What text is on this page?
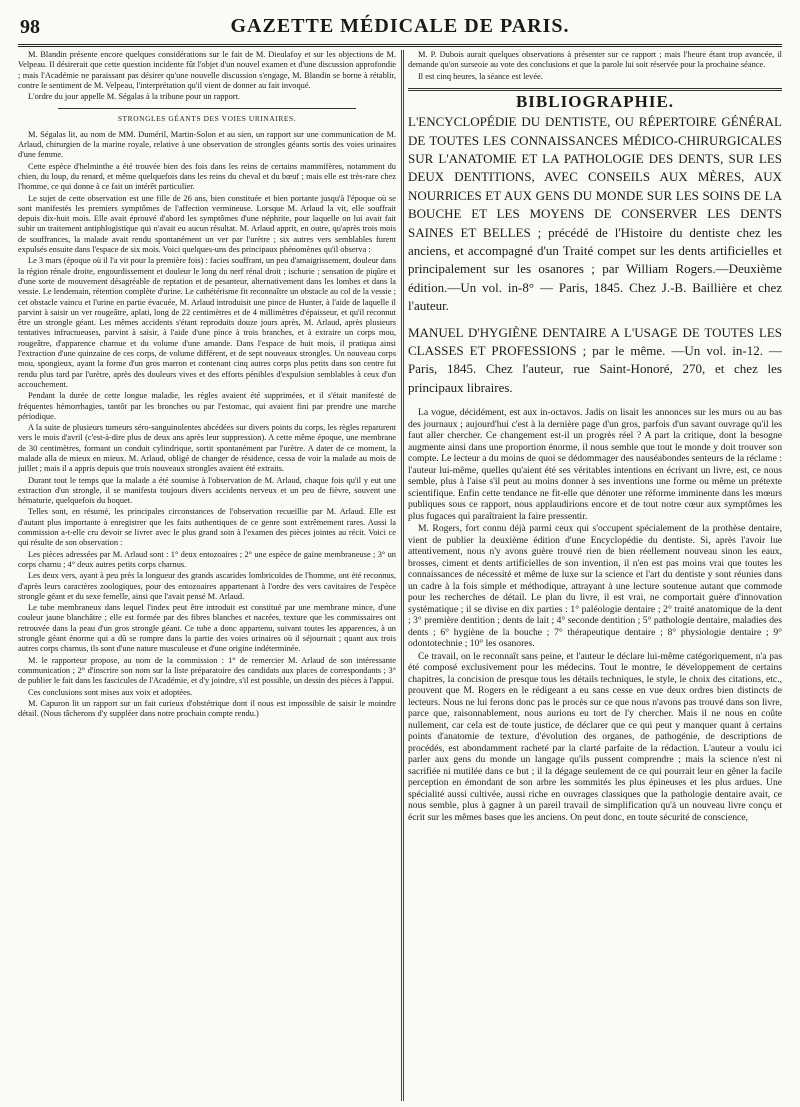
98	GAZETTE MÉDICALE DE PARIS.

M. Blandin présente encore quelques considérations sur le fait de M. Dieulafoy et sur les objections de M. Velpeau. Il désirerait que cette question incidente fût l'objet d'un nouvel examen et d'une discussion approfondie ; mais l'Académie ne paraissant pas désirer qu'une nouvelle discussion s'engage, M. Blandin se borne à rétablir, contre le sentiment de M. Velpeau, l'interprétation qu'il vient de donner au fait invoqué.

L'ordre du jour appelle M. Ségalas à la tribune pour un rapport.

STRONGLES GÉANTS DES VOIES URINAIRES.

M. Ségalas lit, au nom de MM. Duméril, Martin-Solon et au sien, un rapport sur une communication de M. Arlaud, chirurgien de la marine royale, relative à une observation de strongles géants sortis des voies urinaires d'une femme.

Cette espèce d'helminthe a été trouvée bien des fois dans les reins de certains mammifères, notamment du chien, du loup, du renard, et même quelquefois dans les reins du cheval et du bœuf ; mais elle est très-rare chez l'homme, ce qui donne à ce fait un intérêt particulier.

Le sujet de cette observation est une fille de 26 ans, bien constituée et bien portante jusqu'à l'époque où se sont manifestés les premiers symptômes de l'affection vermineuse. Lorsque M. Arlaud la vit, elle souffrait depuis dix-huit mois. Elle avait éprouvé d'abord les symptômes d'une néphrite, pour laquelle on lui avait fait subir un traitement antiphlogistique qui n'avait eu aucun résultat. M. Arlaud apprit, en outre, qu'après trois mois de souffrances, la malade avait rendu spontanément un ver par l'urètre ; six autres vers semblables furent expulsés ensuite dans l'espace de six mois. Voici quelques-uns des principaux phénomènes qu'il observa :

Le 3 mars (époque où il l'a vit pour la première fois) : facies souffrant, un peu d'amaigrissement, douleur dans la région rénale droite, engourdissement et douleur le long du nerf rénal droit ; ischurie ; sensation de piqûre et d'une sorte de mouvement désagréable de reptation et de pesanteur, alternativement dans les lombes et dans la vessie. Le lendemain, rétention complète d'urine. Le cathétérisme fit reconnaître un obstacle au col de la vessie ; cet obstacle vaincu et l'urine en partie évacuée, M. Arlaud introduisit une pince de Hunter, à l'aide de laquelle il parvint à saisir un ver rougeâtre, aplati, long de 22 centimètres et de 4 millimètres d'épaisseur, et qu'il reconnut être un strongle géant. Les mêmes accidents s'étant reproduits douze jours après, M. Arlaud, après plusieurs tentatives infructueuses, parvint à saisir, à l'aide d'une pince à trois branches, et à extraire un corps mou, rougeâtre, d'apparence charnue et du volume d'une amande. Dans l'espace de huit mois, il pratiqua ainsi l'extraction d'une quinzaine de ces corps, de volume différent, et de sept nouveaux strongles. Un nouveau corps mou, spongieux, ayant la forme d'un gros marron et contenant cinq autres corps plus petits dans son centre fut rendu plus tard par l'urètre, après des douleurs vives et des efforts pénibles d'expulsion semblables à ceux d'un accouchement.

Pendant la durée de cette longue maladie, les règles avaient été supprimées, et il s'était manifesté de fréquentes hémorrhagies, tantôt par les bronches ou par l'estomac, qui avaient fini par prendre une marche périodique.

A la suite de plusieurs tumeurs séro-sanguinolentes abcédées sur divers points du corps, les règles reparurent vers le mois d'avril (c'est-à-dire plus de deux ans après leur suppression). A cette même époque, une membrane de 30 centimètres, formant un conduit cylindrique, sortit spontanément par l'urètre. A dater de ce moment, la malade alla de mieux en mieux. M. Arlaud, obligé de changer de résidence, cessa de voir la malade au mois de juillet ; mais il a appris depuis que trois nouveaux strongles avaient été extraits.

Durant tout le temps que la malade a été soumise à l'observation de M. Arlaud, chaque fois qu'il y eut une extraction d'un strongle, il se manifesta toujours divers accidents nerveux et un peu de fièvre, souvent une hématurie, quelquefois du hoquet.

Telles sont, en résumé, les principales circonstances de l'observation recueillie par M. Arlaud. Elle est d'autant plus importante à enregistrer que les faits authentiques de ce genre sont extrêmement rares. Aussi la commission a-t-elle cru devoir se livrer avec le plus grand soin à l'examen des pièces jointes au récit. Voici ce qui résulte de son observation :

Les pièces adressées par M. Arlaud sont : 1° deux entozoaires ; 2° une espèce de gaine membraneuse ; 3° un corps charnu ; 4° deux autres petits corps charnus.

Les deux vers, ayant à peu près la longueur des grands ascarides lombricoïdes de l'homme, ont été reconnus, d'après leurs caractères zoologiques, pour des entozoaires appartenant à l'ordre des vers cavitaires de l'espèce strongle géant et du sexe femelle, ainsi que l'avait pensé M. Arlaud.

Le tube membraneux dans lequel l'index peut être introduit est constitué par une membrane mince, d'une couleur jaune blanchâtre ; elle est formée par des fibres blanches et nacrées, texture que les commissaires ont retrouvée dans la peau d'un gros strongle géant. Ce tube a donc appartenu, suivant toutes les apparences, à un strongle géant énorme qui a dû se rompre dans la partie des voies urinaires où il séjournait ; quant aux trois autres corps charnus, ils sont d'une nature musculeuse et d'une origine indéterminée.

M. le rapporteur propose, au nom de la commission : 1° de remercier M. Arlaud de son intéressante communication ; 2° d'inscrire son nom sur la liste préparatoire des candidats aux places de correspondants ; 3° de publier le fait dans les fascicules de l'Académie, et d'y joindre, s'il est possible, un dessin des pièces à l'appui.

Ces conclusions sont mises aux voix et adoptées.

M. Capuron lit un rapport sur un fait curieux d'obstétrique dont il nous est impossible de saisir le moindre détail. (Nous tâcherons d'y suppléer dans notre prochain compte rendu.)

M. P. Dubois aurait quelques observations à présenter sur ce rapport ; mais l'heure étant trop avancée, il demande qu'on surseoie au vote des conclusions et que la parole lui soit réservée pour la prochaine séance.

Il est cinq heures, la séance est levée.

BIBLIOGRAPHIE.

L'ENCYCLOPÉDIE DU DENTISTE, OU RÉPERTOIRE GÉNÉRAL DE TOUTES LES CONNAISSANCES MÉDICO-CHIRURGICALES SUR L'ANATOMIE ET LA PATHOLOGIE DES DENTS, SUR LES DEUX DENTITIONS, AVEC CONSEILS AUX MÈRES, AUX NOURRICES ET AUX GENS DU MONDE SUR LES SOINS DE LA BOUCHE ET LES MOYENS DE CONSERVER LES DENTS SAINES ET BELLES ; précédé de l'Histoire du dentiste chez les anciens, et accompagné d'un Traité compet sur les dents artificielles et principalement sur les osanores ; par William Rogers.—Deuxième édition.—Un vol. in-8° — Paris, 1845. Chez J.-B. Baillière et chez l'auteur.

MANUEL D'HYGIÈNE DENTAIRE A L'USAGE DE TOUTES LES CLASSES ET PROFESSIONS ; par le même. —Un vol. in-12. — Paris, 1845. Chez l'auteur, rue Saint-Honoré, 270, et chez les principaux libraires.

La vogue, décidément, est aux in-octavos. Jadis on lisait les annonces sur les murs ou au bas des journaux ; aujourd'hui c'est à la dernière page d'un gros, parfois d'un savant ouvrage qu'il les faut aller chercher. Ce changement est-il un progrès réel ? A part la critique, dont la besogne augmente ainsi dans une proportion énorme, il nous semble que tout le monde y doit trouver son compte. Le lecteur a du moins de quoi se dédommager des nauséabondes senteurs de la réclame : l'auteur lui-même, quelles qu'aient été ses véritables intentions en écrivant un livre, est, ce nous semble, plus à l'aise s'il peut au moins donner à ses inventions une forme ou même un prétexte scientifique. Enfin cette tendance ne fit-elle que dénoter une réforme imminente dans les mœurs publiques sous ce rapport, nous applaudirions encore et de tout notre cœur aux symptômes les plus fugaces qui paraîtraient la faire pressentir.

M. Rogers, fort connu déjà parmi ceux qui s'occupent spécialement de la prothèse dentaire, vient de publier la deuxième édition d'une Encyclopédie du dentiste. Si, après l'avoir lue attentivement, nous n'y avons guère trouvé rien de bien réellement nouveau sinon les eaux, brosses, ciment et dents artificielles de son invention, il n'en est pas moins vrai que toutes les connaissances de nécessité et même de luxe sur la science et l'art du dentiste y sont réunies dans un cadre à la fois simple et méthodique, attrayant à une lecture soutenue autant que commode pour les recherches de détail. Le plan du livre, il est vrai, ne comportait guère d'innovation systématique ; il se divise en dix parties : 1° paléologie dentaire ; 2° traité anatomique de la dent ; 3° première dentition ; dents de lait ; 4° seconde dentition ; 5° pathologie dentaire, maladies des dents ; 6° hygiène de la bouche ; 7° thérapeutique dentaire ; 8° physiologie dentaire ; 9° odontotechnie ; 10° les osanores.

Ce travail, on le reconnaît sans peine, et l'auteur le déclare lui-même catégoriquement, n'a pas été composé exclusivement pour les médecins. Tout le montre, le développement de certains chapitres, la concision de presque tous les détails techniques, le style, le choix des citations, etc., prouvent que M. Rogers en le rédigeant a eu sans cesse en vue deux ordres bien distincts de lecteurs. Nous ne lui ferons donc pas le procès sur ce que nous n'avons pas trouvé dans son livre, parce que, raisonnablement, nous aurions eu tort de l'y chercher. Mais il ne nous en coûte nullement, car cela est de toute justice, de déclarer que ce qui peut y manquer quant à certains points d'anatomie de texture, d'évolution des organes, de pathogénie, de descriptions de procédés, est abondamment racheté par la clarté parfaite de la rédaction. L'auteur a voulu ici parler aux gens du monde un langage qu'ils pussent comprendre ; mais la science n'est ni sacrifiée ni mutilée dans ce but ; il la dégage seulement de ce qui pourrait leur en gêner la facile perception en émondant de son arbre les sommités les plus épineuses et les plus ardues. Une spécialité aussi cultivée, aussi riche en ouvrages classiques que la pathologie dentaire avait, ce nous semble, plus à gagner à un pareil travail de simplification qu'à un nouveau livre conçu et écrit sur les mêmes bases que les anciens. On peut donc, en toute sécurité de conscience,
